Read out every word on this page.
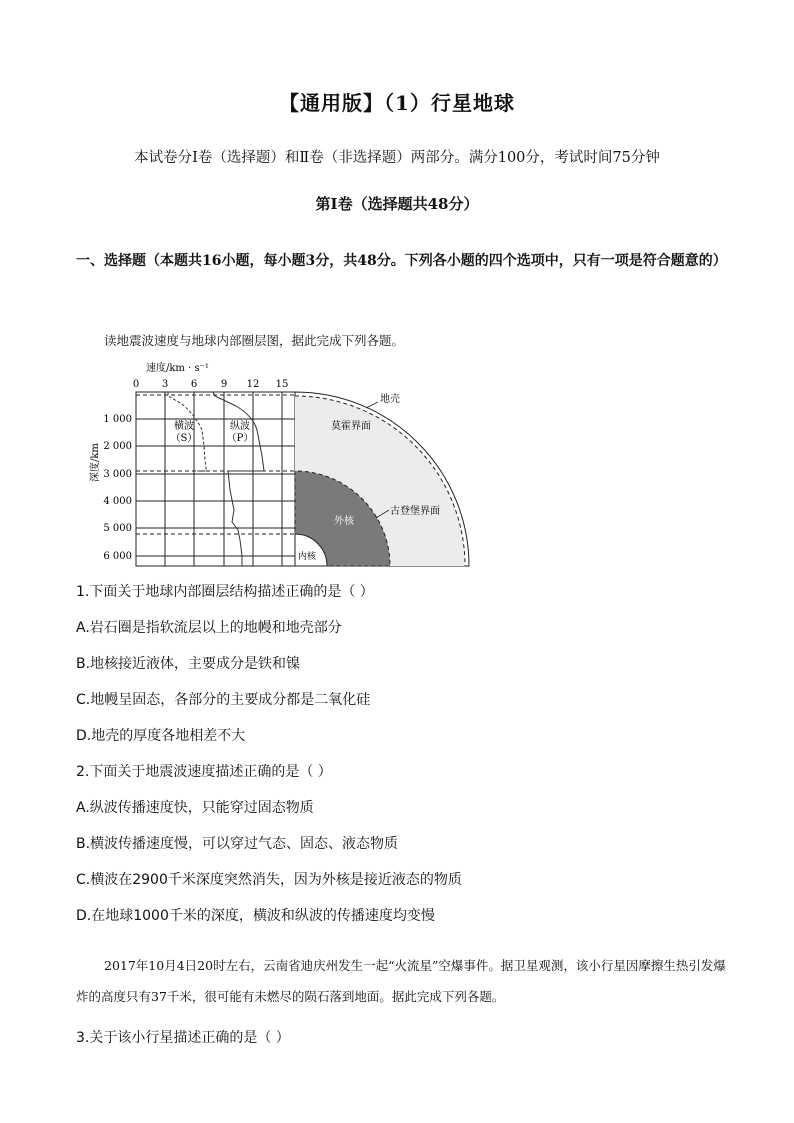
【通用版】（1）行星地球
本试卷分Ⅰ卷（选择题）和Ⅱ卷（非选择题）两部分。满分100分，考试时间75分钟
第Ⅰ卷（选择题共48分）
一、选择题（本题共16小题，每小题3分，共48分。下列各小题的四个选项中，只有一项是符合题意的）
读地震波速度与地球内部圈层图，据此完成下列各题。
速度/km · s⁻¹
0 3 6 9 12 15
深度/km
1 000
2 000
3 000
4 000
5 000
6 000
横波
（S）
纵波
（P）
地壳
莫霍界面
古登堡界面
外核
内核
1.下面关于地球内部圈层结构描述正确的是（ ）
A.岩石圈是指软流层以上的地幔和地壳部分
B.地核接近液体，主要成分是铁和镍
C.地幔呈固态，各部分的主要成分都是二氧化硅
D.地壳的厚度各地相差不大
2.下面关于地震波速度描述正确的是（ ）
A.纵波传播速度快，只能穿过固态物质
B.横波传播速度慢，可以穿过气态、固态、液态物质
C.横波在2900千米深度突然消失，因为外核是接近液态的物质
D.在地球1000千米的深度，横波和纵波的传播速度均变慢
2017年10月4日20时左右，云南省迪庆州发生一起“火流星”空爆事件。据卫星观测，该小行星因摩擦生热引发爆炸的高度只有37千米，很可能有未燃尽的陨石落到地面。据此完成下列各题。
3.关于该小行星描述正确的是（ ）
